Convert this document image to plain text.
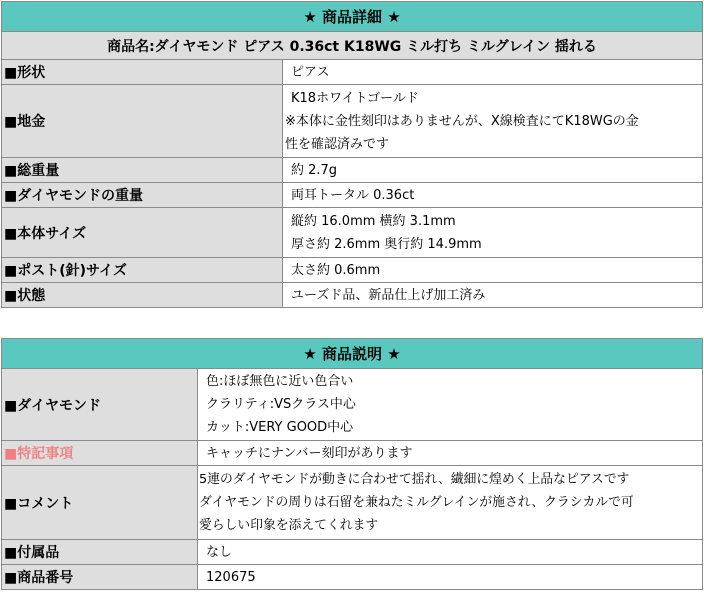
★ 商品詳細 ★	
商品名:ダイヤモンド ピアス 0.36ct K18WG ミル打ち ミルグレイン 揺れる	
■形状	ピアス

■地金	K18ホワイトゴールド
※本体に金性刻印はありませんが、X線検査にてK18WGの金
性を確認済みです

■総重量	約 2.7g

■ダイヤモンドの重量	両耳トータル 0.36ct

■本体サイズ	縦約 16.0mm 横約 3.1mm
厚さ約 2.6mm 奥行約 14.9mm

■ポスト(針)サイズ	太さ約 0.6mm

■状態	ユーズド品、新品仕上げ加工済み
★ 商品説明 ★	
■ダイヤモンド	色:ほぼ無色に近い色合い
クラリティ:VSクラス中心
カット:VERY GOOD中心

■特記事項	キャッチにナンバー刻印があります

■コメント	5連のダイヤモンドが動きに合わせて揺れ、繊細に煌めく上品なピアスです
ダイヤモンドの周りは石留を兼ねたミルグレインが施され、クラシカルで可
愛らしい印象を添えてくれます

■付属品	なし

■商品番号	120675
